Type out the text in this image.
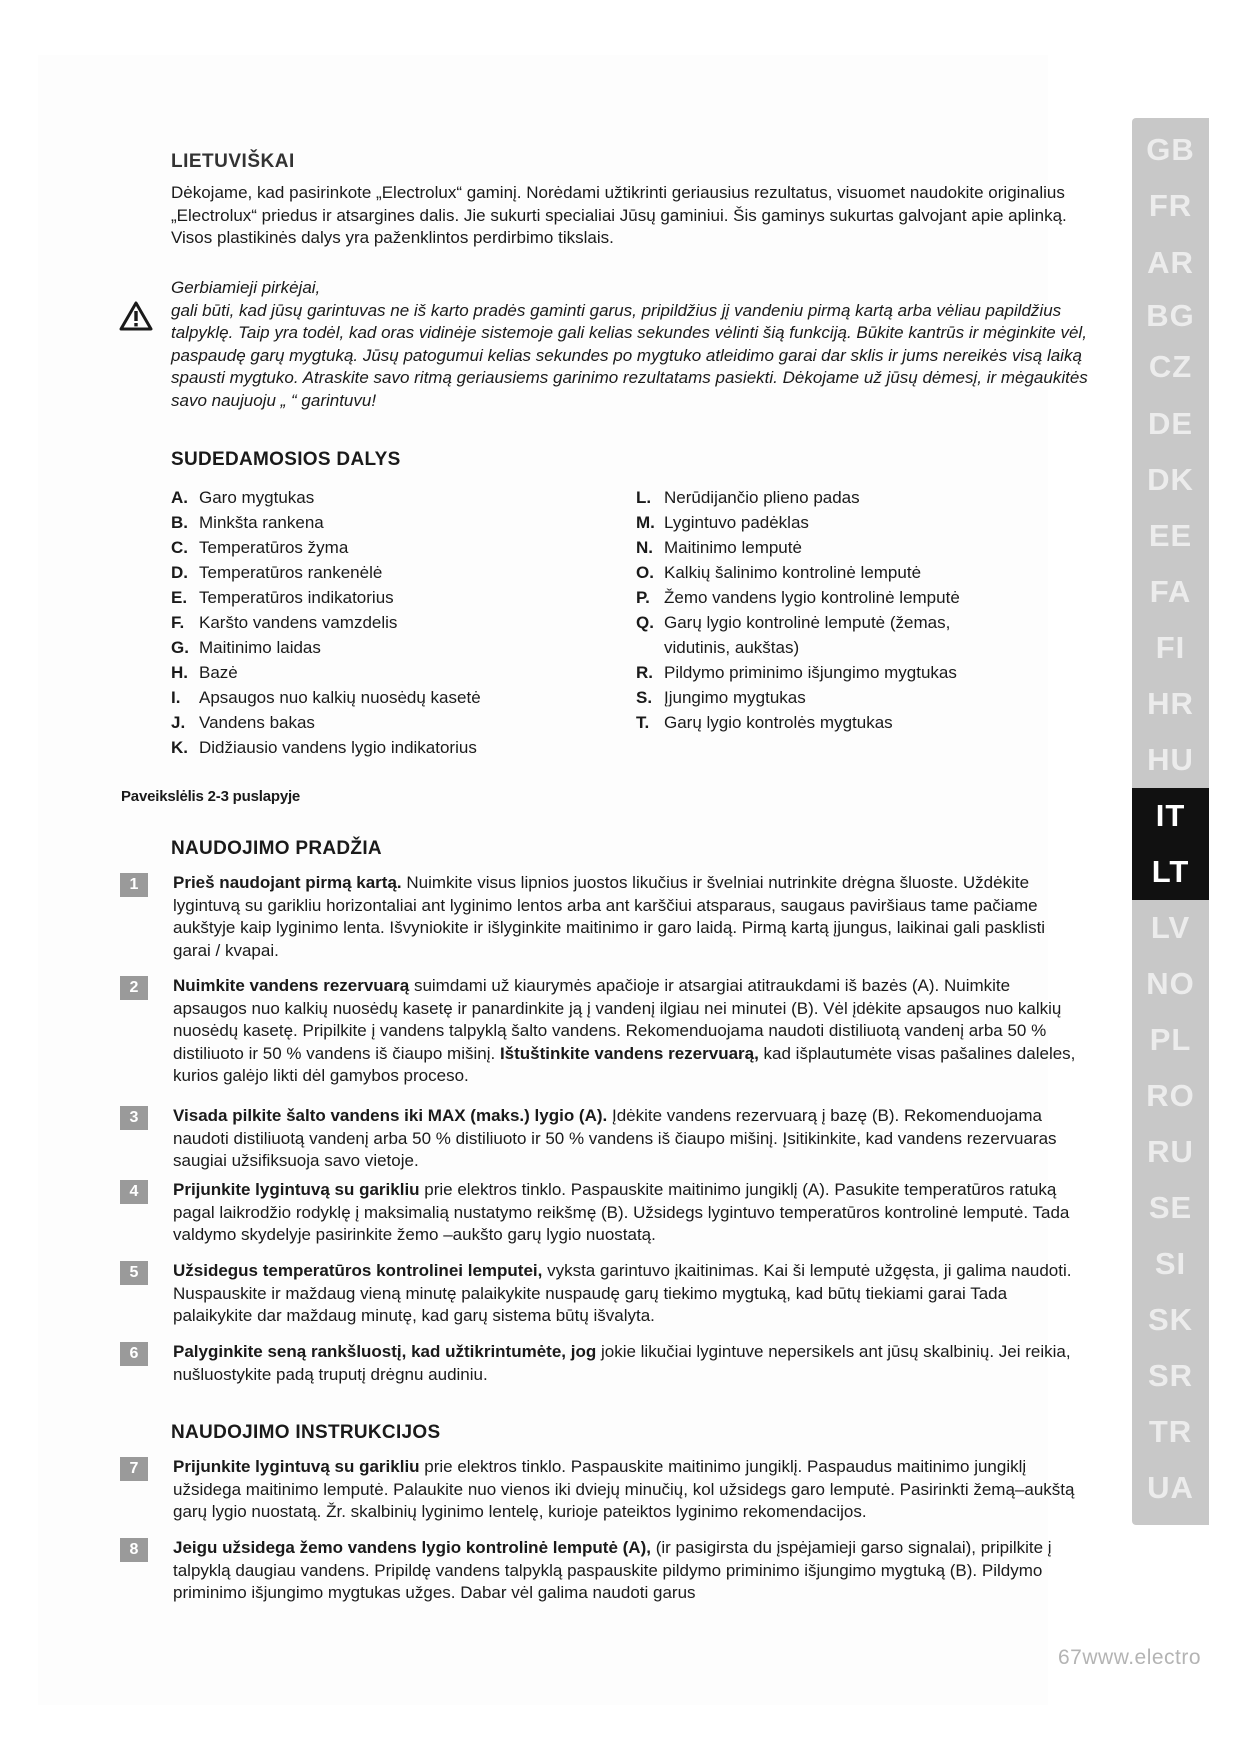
LIETUVIŠKAI
Dėkojame, kad pasirinkote „Electrolux“ gaminį. Norėdami užtikrinti geriausius rezultatus, visuomet naudokite originalius „Electrolux“ priedus ir atsargines dalis. Jie sukurti specialiai Jūsų gaminiui. Šis gaminys sukurtas galvojant apie aplinką. Visos plastikinės dalys yra paženklintos perdirbimo tikslais.
Gerbiamieji pirkėjai,
gali būti, kad jūsų garintuvas ne iš karto pradės gaminti garus, pripildžius jį vandeniu pirmą kartą arba vėliau papildžius talpyklę. Taip yra todėl, kad oras vidinėje sistemoje gali kelias sekundes vėlinti šią funkciją. Būkite kantrūs ir mėginkite vėl, paspaudę garų mygtuką. Jūsų patogumui kelias sekundes po mygtuko atleidimo garai dar sklis ir jums nereikės visą laiką spausti mygtuko. Atraskite savo ritmą geriausiems garinimo rezultatams pasiekti. Dėkojame už jūsų dėmesį, ir mėgaukitės savo naujuoju „ “ garintuvu!
SUDEDAMOSIOS DALYS
A. Garo mygtukas
B. Minkšta rankena
C. Temperatūros žyma
D. Temperatūros rankenėlė
E. Temperatūros indikatorius
F. Karšto vandens vamzdelis
G. Maitinimo laidas
H. Bazė
I.	Apsaugos nuo kalkių nuosėdų kasetė
J. Vandens bakas
K. Didžiausio vandens lygio indikatorius
L. Nerūdijančio plieno padas
M. Lygintuvo padėklas
N. Maitinimo lemputė
O. Kalkių šalinimo kontrolinė lemputė
P. Žemo vandens lygio kontrolinė lemputė
Q. Garų lygio kontrolinė lemputė (žemas, vidutinis, aukštas)
R. Pildymo priminimo išjungimo mygtukas
S. Įjungimo mygtukas
T. Garų lygio kontrolės mygtukas
Paveikslėlis 2-3 puslapyje
NAUDOJIMO PRADŽIA
1	Prieš naudojant pirmą kartą. Nuimkite visus lipnios juostos likučius ir švelniai nutrinkite drėgna šluoste. Uždėkite lygintuvą su garikliu horizontaliai ant lyginimo lentos arba ant karščiui atsparaus, saugaus paviršiaus tame pačiame aukštyje kaip lyginimo lenta. Išvyniokite ir išlyginkite maitinimo ir garo laidą. Pirmą kartą įjungus, laikinai gali pasklisti garai / kvapai.
2	Nuimkite vandens rezervuarą suimdami už kiaurymės apačioje ir atsargiai atitraukdami iš bazės (A). Nuimkite apsaugos nuo kalkių nuosėdų kasetę ir panardinkite ją į vandenį ilgiau nei minutei (B). Vėl įdėkite apsaugos nuo kalkių nuosėdų kasetę. Pripilkite į vandens talpyklą šalto vandens. Rekomenduojama naudoti distiliuotą vandenį arba 50 % distiliuoto ir 50 % vandens iš čiaupo mišinį. Ištuštinkite vandens rezervuarą, kad išplautumėte visas pašalines daleles, kurios galėjo likti dėl gamybos proceso.
3	Visada pilkite šalto vandens iki MAX (maks.) lygio (A). Įdėkite vandens rezervuarą į bazę (B). Rekomenduojama naudoti distiliuotą vandenį arba 50 % distiliuoto ir 50 % vandens iš čiaupo mišinį. Įsitikinkite, kad vandens rezervuaras saugiai užsifiksuoja savo vietoje.
4	Prijunkite lygintuvą su garikliu prie elektros tinklo. Paspauskite maitinimo jungiklį (A). Pasukite temperatūros ratuką pagal laikrodžio rodyklę į maksimalią nustatymo reikšmę (B). Užsidegs lygintuvo temperatūros kontrolinė lemputė. Tada valdymo skydelyje pasirinkite žemo –aukšto garų lygio nuostatą.
5	Užsidegus temperatūros kontrolinei lemputei, vyksta garintuvo įkaitinimas. Kai ši lemputė užgęsta, ji galima naudoti. Nuspauskite ir maždaug vieną minutę palaikykite nuspaudę garų tiekimo mygtuką, kad būtų tiekiami garai Tada palaikykite dar maždaug minutę, kad garų sistema būtų išvalyta.
6	Palyginkite seną rankšluostį, kad užtikrintumėte, jog jokie likučiai lygintuve nepersikels ant jūsų skalbinių. Jei reikia, nušluostykite padą truputį drėgnu audiniu.
NAUDOJIMO INSTRUKCIJOS
7	Prijunkite lygintuvą su garikliu prie elektros tinklo. Paspauskite maitinimo jungiklį. Paspaudus maitinimo jungiklį užsidega maitinimo lemputė. Palaukite nuo vienos iki dviejų minučių, kol užsidegs garo lemputė. Pasirinkti žemą–aukštą garų lygio nuostatą. Žr. skalbinių lyginimo lentelę, kurioje pateiktos lyginimo rekomendacijos.
8	Jeigu užsidega žemo vandens lygio kontrolinė lemputė (A), (ir pasigirsta du įspėjamieji garso signalai), pripilkite į talpyklą daugiau vandens. Pripildę vandens talpyklą paspauskite pildymo priminimo išjungimo mygtuką (B). Pildymo priminimo išjungimo mygtukas užges. Dabar vėl galima naudoti garus
GB
FR
AR
BG
CZ
DE
DK
EE
FA
FI
HR
HU
IT
LT
LV
NO
PL
RO
RU
SE
SI
SK
SR
TR
UA
67www.electro
